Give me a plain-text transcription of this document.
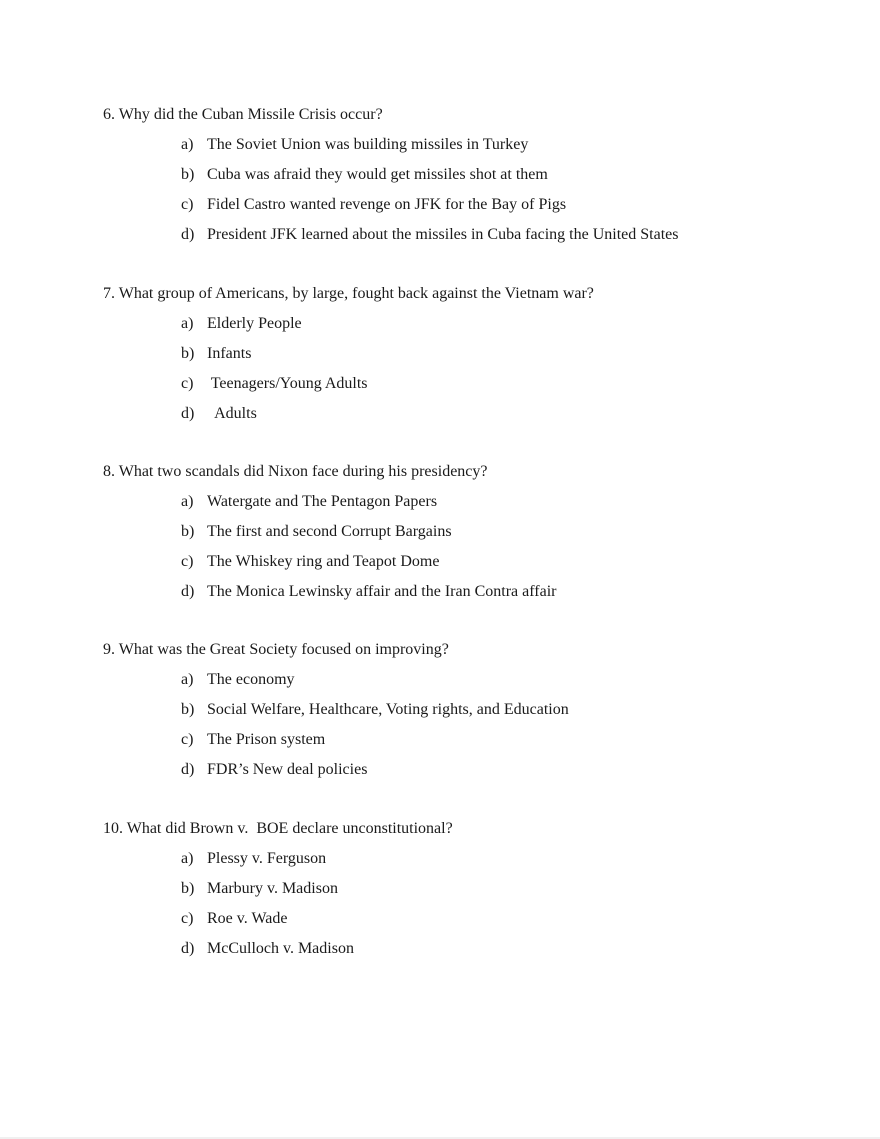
6. Why did the Cuban Missile Crisis occur?
a) The Soviet Union was building missiles in Turkey
b) Cuba was afraid they would get missiles shot at them
c) Fidel Castro wanted revenge on JFK for the Bay of Pigs
d) President JFK learned about the missiles in Cuba facing the United States
7. What group of Americans, by large, fought back against the Vietnam war?
a) Elderly People
b) Infants
c) Teenagers/Young Adults
d) Adults
8. What two scandals did Nixon face during his presidency?
a) Watergate and The Pentagon Papers
b) The first and second Corrupt Bargains
c) The Whiskey ring and Teapot Dome
d) The Monica Lewinsky affair and the Iran Contra affair
9. What was the Great Society focused on improving?
a) The economy
b) Social Welfare, Healthcare, Voting rights, and Education
c) The Prison system
d) FDR’s New deal policies
10. What did Brown v.  BOE declare unconstitutional?
a) Plessy v. Ferguson
b) Marbury v. Madison
c) Roe v. Wade
d) McCulloch v. Madison
